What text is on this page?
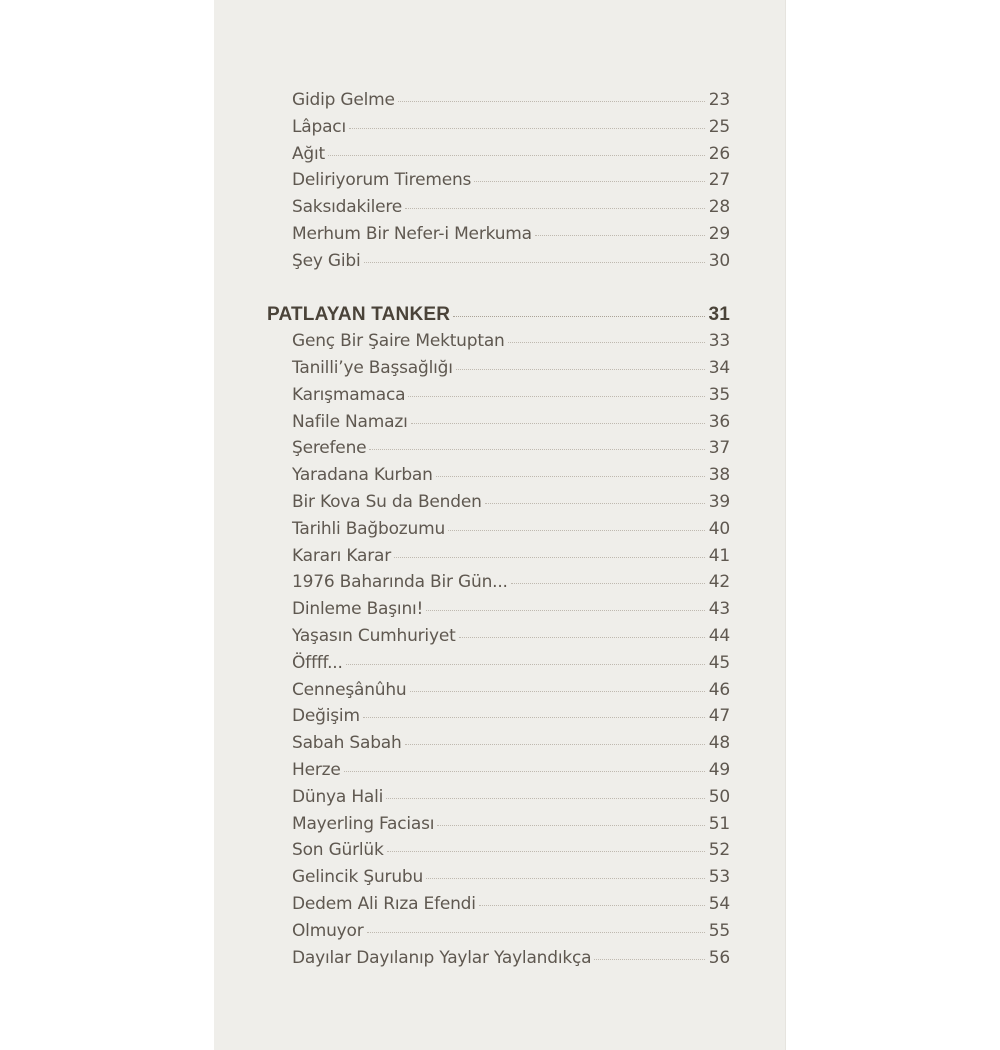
Gidip Gelme	23
Lâpacı	25
Ağıt	26
Deliriyorum Tiremens	27
Saksıdakilere	28
Merhum Bir Nefer-i Merkuma	29
Şey Gibi	30
PATLAYAN TANKER	31
Genç Bir Şaire Mektuptan	33
Tanilli’ye Başsağlığı	34
Karışmamaca	35
Nafile Namazı	36
Şerefene	37
Yaradana Kurban	38
Bir Kova Su da Benden	39
Tarihli Bağbozumu	40
Kararı Karar	41
1976 Baharında Bir Gün...	42
Dinleme Başını!	43
Yaşasın Cumhuriyet	44
Öffff...	45
Cenneşânûhu	46
Değişim	47
Sabah Sabah	48
Herze	49
Dünya Hali	50
Mayerling Faciası	51
Son Gürlük	52
Gelincik Şurubu	53
Dedem Ali Rıza Efendi	54
Olmuyor	55
Dayılar Dayılanıp Yaylar Yaylandıkça	56
